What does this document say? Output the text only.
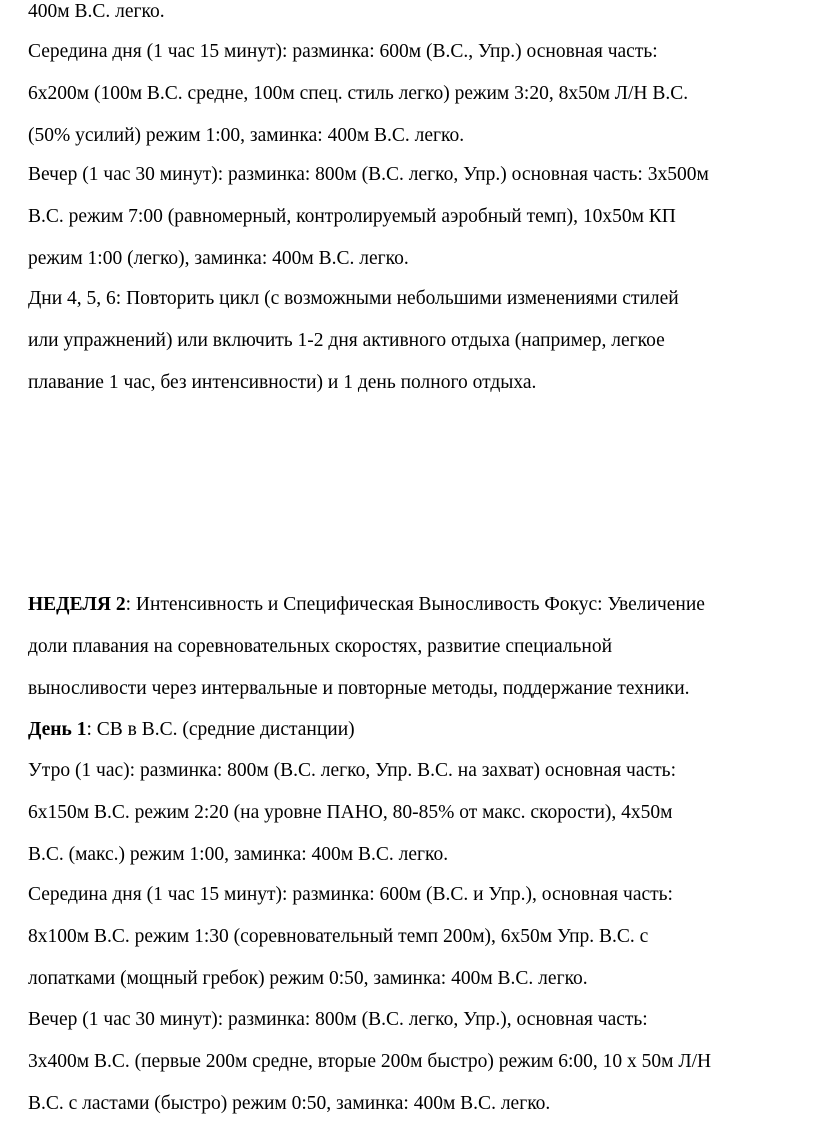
400м В.С. легко.
Середина дня (1 час 15 минут): разминка: 600м (В.С., Упр.) основная часть:
6х200м (100м В.С. средне, 100м спец. стиль легко) режим 3:20, 8х50м Л/Н В.С.
(50% усилий) режим 1:00, заминка: 400м В.С. легко.
Вечер (1 час 30 минут): разминка: 800м (В.С. легко, Упр.) основная часть: 3х500м
В.С. режим 7:00 (равномерный, контролируемый аэробный темп), 10х50м КП
режим 1:00 (легко), заминка: 400м В.С. легко.
Дни 4, 5, 6: Повторить цикл (с возможными небольшими изменениями стилей
или упражнений) или включить 1-2 дня активного отдыха (например, легкое
плавание 1 час, без интенсивности) и 1 день полного отдыха.
НЕДЕЛЯ 2: Интенсивность и Специфическая Выносливость Фокус: Увеличение
доли плавания на соревновательных скоростях, развитие специальной
выносливости через интервальные и повторные методы, поддержание техники.
День 1: СВ в В.С. (средние дистанции)
Утро (1 час): разминка: 800м (В.С. легко, Упр. В.С. на захват) основная часть:
6х150м В.С. режим 2:20 (на уровне ПАНО, 80-85% от макс. скорости), 4х50м
В.С. (макс.) режим 1:00, заминка: 400м В.С. легко.
Середина дня (1 час 15 минут): разминка: 600м (В.С. и Упр.), основная часть:
8х100м В.С. режим 1:30 (соревновательный темп 200м), 6х50м Упр. В.С. с
лопатками (мощный гребок) режим 0:50, заминка: 400м В.С. легко.
Вечер (1 час 30 минут): разминка: 800м (В.С. легко, Упр.), основная часть:
3х400м В.С. (первые 200м средне, вторые 200м быстро) режим 6:00, 10 х 50м Л/Н
В.С. с ластами (быстро) режим 0:50, заминка: 400м В.С. легко.
